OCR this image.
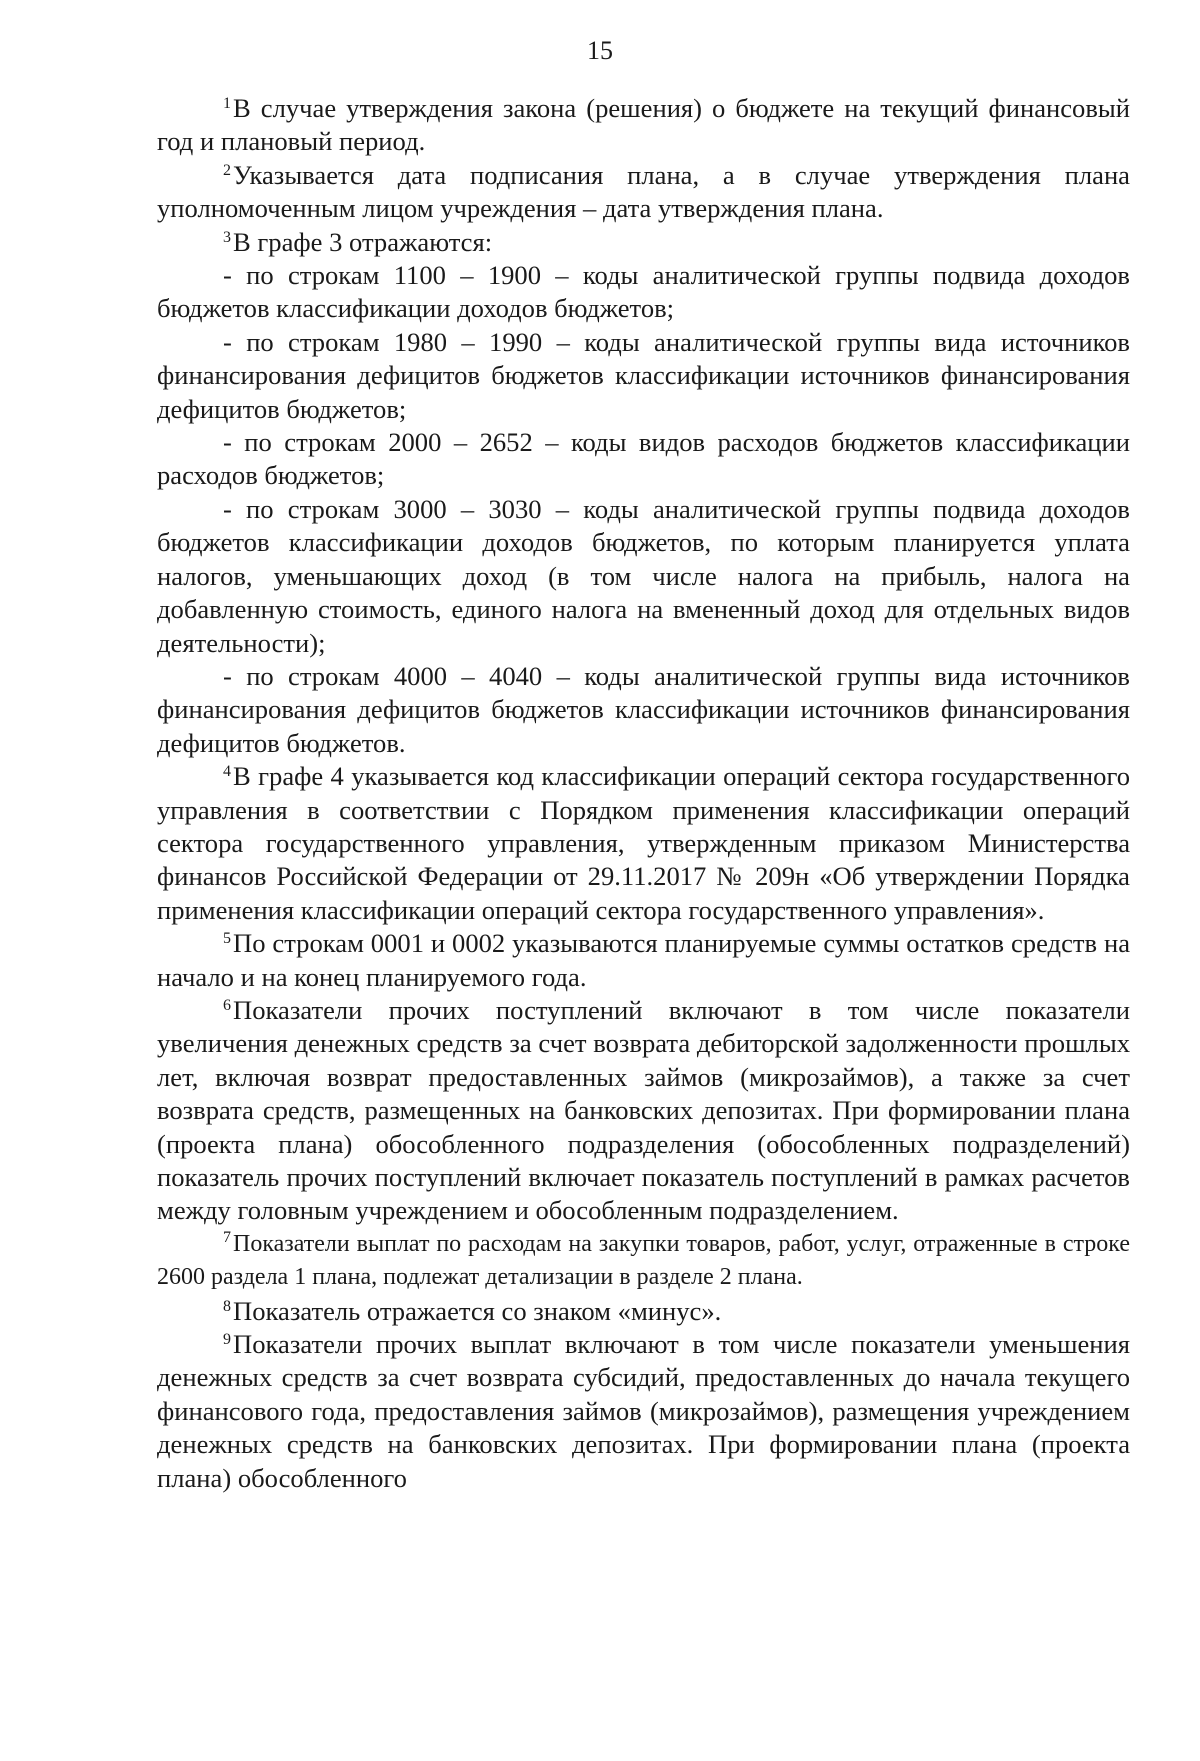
15

$^1$В случае утверждения закона (решения) о бюджете на текущий финансовый год и плановый период.

$^2$Указывается дата подписания плана, а в случае утверждения плана уполномоченным лицом учреждения – дата утверждения плана.

$^3$В графе 3 отражаются:

- по строкам 1100 – 1900 – коды аналитической группы подвида доходов бюджетов классификации доходов бюджетов;

- по строкам 1980 – 1990 – коды аналитической группы вида источников финансирования дефицитов бюджетов классификации источников финансирования дефицитов бюджетов;

- по строкам 2000 – 2652 – коды видов расходов бюджетов классификации расходов бюджетов;

- по строкам 3000 – 3030 – коды аналитической группы подвида доходов бюджетов классификации доходов бюджетов, по которым планируется уплата налогов, уменьшающих доход (в том числе налога на прибыль, налога на добавленную стоимость, единого налога на вмененный доход для отдельных видов деятельности);

- по строкам 4000 – 4040 – коды аналитической группы вида источников финансирования дефицитов бюджетов классификации источников финансирования дефицитов бюджетов.

$^4$В графе 4 указывается код классификации операций сектора государственного управления в соответствии с Порядком применения классификации операций сектора государственного управления, утвержденным приказом Министерства финансов Российской Федерации от 29.11.2017 № 209н «Об утверждении Порядка применения классификации операций сектора государственного управления».

$^5$По строкам 0001 и 0002 указываются планируемые суммы остатков средств на начало и на конец планируемого года.

$^6$Показатели прочих поступлений включают в том числе показатели увеличения денежных средств за счет возврата дебиторской задолженности прошлых лет, включая возврат предоставленных займов (микрозаймов), а также за счет возврата средств, размещенных на банковских депозитах. При формировании плана (проекта плана) обособленного подразделения (обособленных подразделений) показатель прочих поступлений включает показатель поступлений в рамках расчетов между головным учреждением и обособленным подразделением.

$^7$Показатели выплат по расходам на закупки товаров, работ, услуг, отраженные в строке 2600 раздела 1 плана, подлежат детализации в разделе 2 плана.

$^8$Показатель отражается со знаком «минус».

$^9$Показатели прочих выплат включают в том числе показатели уменьшения денежных средств за счет возврата субсидий, предоставленных до начала текущего финансового года, предоставления займов (микрозаймов), размещения учреждением денежных средств на банковских депозитах. При формировании плана (проекта плана) обособленного
